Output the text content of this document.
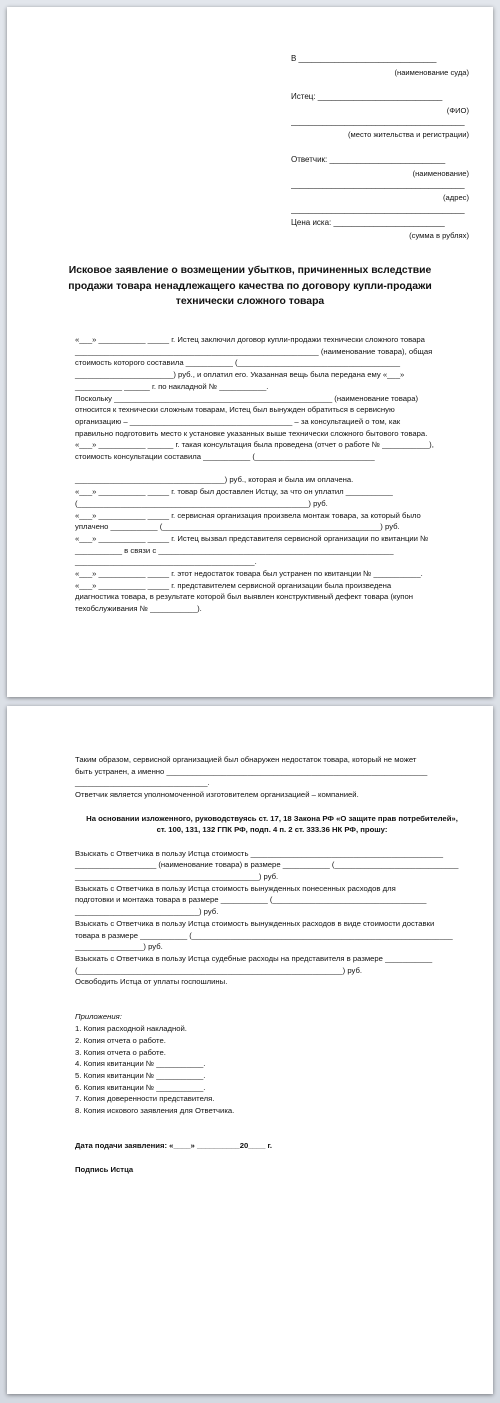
В _______________________________
(наименование суда)
Истец: ____________________________
(ФИО)
_______________________________________
(место жительства и регистрации)
Ответчик: __________________________
(наименование)
_______________________________________
(адрес)
_______________________________________
Цена иска: _________________________
(сумма в рублях)
Исковое заявление о возмещении убытков, причиненных вследствие
продажи товара ненадлежащего качества по договору купли-продажи
технически сложного товара

«___» ___________ _____ г. Истец заключил договор купли-продажи технически сложного товара

_________________________________________________________ (наименование товара), общая

стоимость которого составила ___________ (______________________________________

_______________________) руб., и оплатил его. Указанная вещь была передана ему «___»

___________ ______ г. по накладной № ___________.

Поскольку ___________________________________________________ (наименование товара)

относится к технически сложным товарам, Истец был вынужден обратиться в сервисную

организацию – ______________________________________ – за консультацией о том, как

правильно подготовить место к установке указанных выше технически сложного бытового товара.

«___» ___________ ______ г. такая консультация была проведена (отчет о работе № ___________),

стоимость консультации составила ___________ (____________________________

___________________________________) руб., которая и была им оплачена.

«___» ___________ _____ г. товар был доставлен Истцу, за что он уплатил ___________

(______________________________________________________) руб.

«___» ___________ _____ г. сервисная организация произвела монтаж товара, за который было

уплачено ___________ (___________________________________________________) руб.

«___» ___________ _____ г. Истец вызвал представителя сервисной организации по квитанции №

___________ в связи с _______________________________________________________

__________________________________________.

«___» ___________ _____ г. этот недостаток товара был устранен по квитанции № ___________.

«___» ___________ _____ г. представителем сервисной организации была произведена

диагностика товара, в результате которой был выявлен конструктивный дефект товара (купон

техобслуживания № ___________).

Таким образом, сервисной организацией был обнаружен недостаток товара, который не может

быть устранен, а именно _____________________________________________________________

_______________________________.

Ответчик является уполномоченной изготовителем организацией – компанией.

На основании изложенного, руководствуясь ст. 17, 18 Закона РФ «О защите прав потребителей»,

ст. 100, 131, 132 ГПК РФ, подп. 4 п. 2 ст. 333.36 НК РФ, прошу:

Взыскать с Ответчика в пользу Истца стоимость _____________________________________________

___________________ (наименование товара) в размере ___________ (_____________________________

___________________________________________) руб.

Взыскать с Ответчика в пользу Истца стоимость вынужденных понесенных расходов для

подготовки и монтажа товара в размере ___________ (____________________________________

_____________________________) руб.

Взыскать с Ответчика в пользу Истца стоимость вынужденных расходов в виде стоимости доставки

товара в размере ___________ (_____________________________________________________________

________________) руб.

Взыскать с Ответчика в пользу Истца судебные расходы на представителя в размере ___________

(______________________________________________________________) руб.

Освободить Истца от уплаты госпошлины.

Приложения:

1. Копия расходной накладной.

2. Копия отчета о работе.

3. Копия отчета о работе.

4. Копия квитанции № ___________.

5. Копия квитанции № ___________.

6. Копия квитанции № ___________.

7. Копия доверенности представителя.

8. Копия искового заявления для Ответчика.

Дата подачи заявления: «____» __________20____ г.

Подпись Истца
